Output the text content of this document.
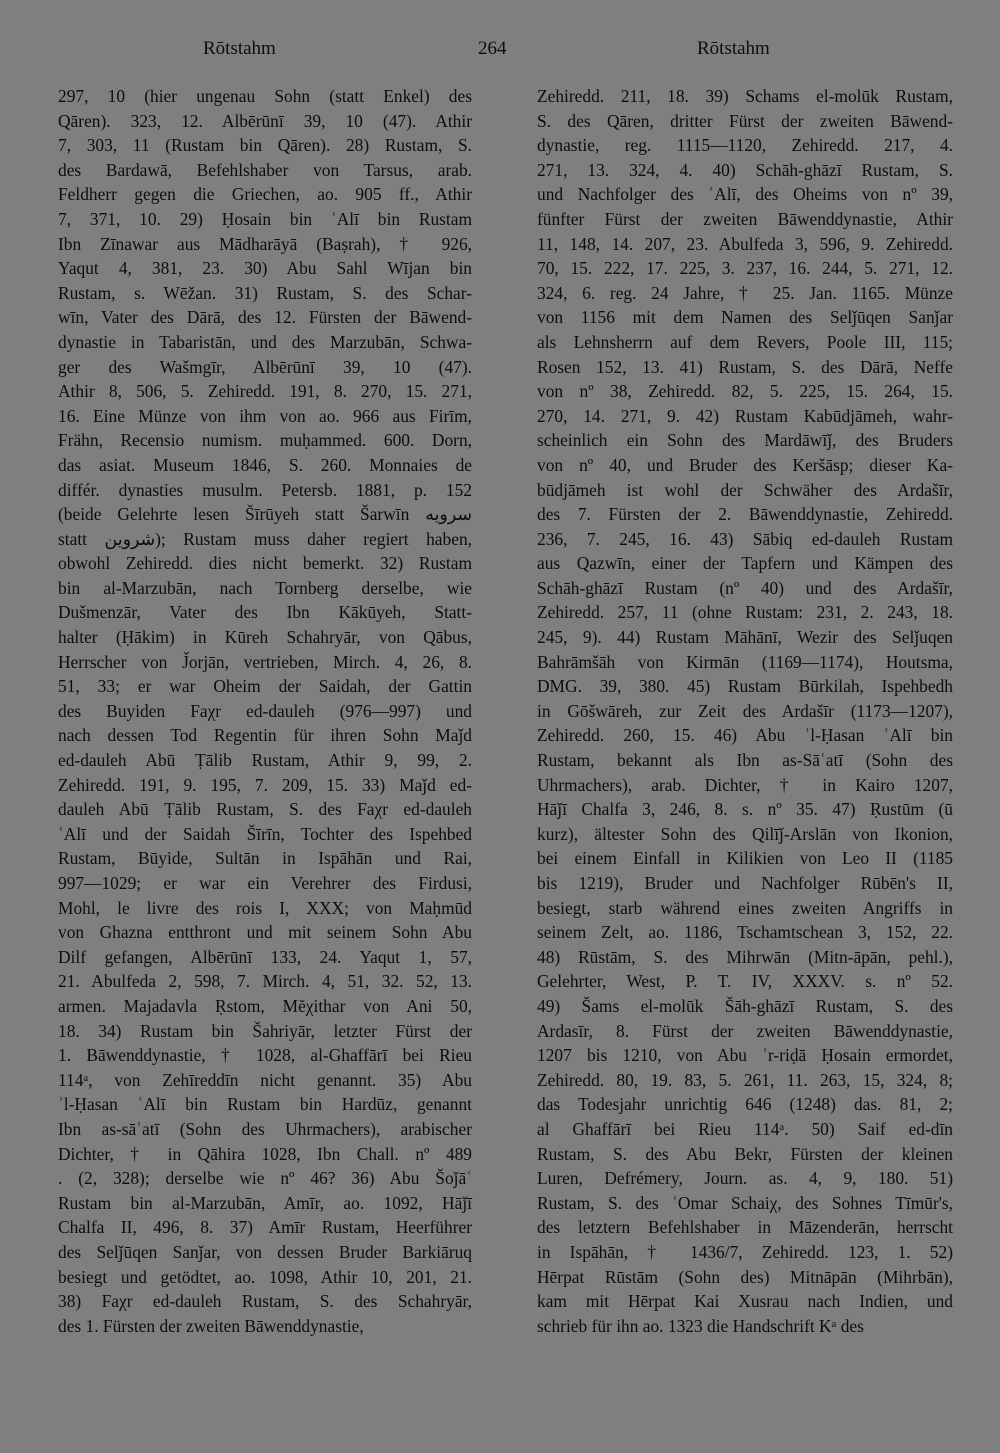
Rōtstahm	264	Rōtstahm
297, 10 (hier ungenau Sohn (statt Enkel) des
Qāren). 323, 12. Albērūnī 39, 10 (47). Athir
7, 303, 11 (Rustam bin Qāren). 28) Rustam, S.
des Bardawā, Befehlshaber von Tarsus, arab.
Feldherr gegen die Griechen, ao. 905 ff., Athir
7, 371, 10. 29) Ḥosain bin ʿAlī bin Rustam
Ibn Zīnawar aus Mādharāyā (Baṣrah), † 926,
Yaqut 4, 381, 23. 30) Abu Sahl Wījan bin
Rustam, s. Wēžan. 31) Rustam, S. des Schar-
wīn, Vater des Dārā, des 12. Fürsten der Bāwend-
dynastie in Tabaristān, und des Marzubān, Schwa-
ger des Wašmgīr, Albērūnī 39, 10 (47).
Athir 8, 506, 5. Zehiredd. 191, 8. 270, 15. 271,
16. Eine Münze von ihm von ao. 966 aus Firīm,
Frähn, Recensio numism. muḥammed. 600. Dorn,
das asiat. Museum 1846, S. 260. Monnaies de
différ. dynasties musulm. Petersb. 1881, p. 152
(beide Gelehrte lesen Šīrūyeh statt Šarwīn سرويه
statt شروين); Rustam muss daher regiert haben,
obwohl Zehiredd. dies nicht bemerkt. 32) Rustam
bin al-Marzubān, nach Tornberg derselbe, wie
Dušmenzār, Vater des Ibn Kākūyeh, Statt-
halter (Ḥākim) in Kūreh Schahryār, von Qābus,
Herrscher von J̌orjān, vertrieben, Mirch. 4, 26, 8.
51, 33; er war Oheim der Saidah, der Gattin
des Buyiden Faχr ed-dauleh (976—997) und
nach dessen Tod Regentin für ihren Sohn Maǰd
ed-dauleh Abū Ṭālib Rustam, Athir 9, 99, 2.
Zehiredd. 191, 9. 195, 7. 209, 15. 33) Maǰd ed-
dauleh Abū Ṭālib Rustam, S. des Faχr ed-dauleh
ʿAlī und der Saidah Šīrīn, Tochter des Ispehbed
Rustam, Būyide, Sultān in Ispāhān und Rai,
997—1029; er war ein Verehrer des Firdusi,
Mohl, le livre des rois I, XXX; von Maḥmūd
von Ghazna entthront und mit seinem Sohn Abu
Dilf gefangen, Albērūnī 133, 24. Yaqut 1, 57,
21. Abulfeda 2, 598, 7. Mirch. 4, 51, 32. 52, 13.
armen. Majadavla Ṛstom, Mĕχithar von Ani 50,
18. 34) Rustam bin Šahriyār, letzter Fürst der
1. Bāwenddynastie, † 1028, al-Ghaffārī bei Rieu
114ᵃ, von Zehīreddīn nicht genannt. 35) Abu
ʾl-Ḥasan ʿAlī bin Rustam bin Hardūz, genannt
Ibn as-sāʿatī (Sohn des Uhrmachers), arabischer
Dichter, † in Qāhira 1028, Ibn Chall. nº 489
. (2, 328); derselbe wie nº 46? 36) Abu Šoǰāʿ
Rustam bin al-Marzubān, Amīr, ao. 1092, Hāǰī
Chalfa II, 496, 8. 37) Amīr Rustam, Heerführer
des Selǰūqen Sanǰar, von dessen Bruder Barkiāruq
besiegt und getödtet, ao. 1098, Athir 10, 201, 21.
38) Faχr ed-dauleh Rustam, S. des Schahryār,
des 1. Fürsten der zweiten Bāwenddynastie,
Zehiredd. 211, 18. 39) Schams el-molūk Rustam,
S. des Qāren, dritter Fürst der zweiten Bāwend-
dynastie, reg. 1115—1120, Zehiredd. 217, 4.
271, 13. 324, 4. 40) Schāh-ghāzī Rustam, S.
und Nachfolger des ʿAlī, des Oheims von nº 39,
fünfter Fürst der zweiten Bāwenddynastie, Athir
11, 148, 14. 207, 23. Abulfeda 3, 596, 9. Zehiredd.
70, 15. 222, 17. 225, 3. 237, 16. 244, 5. 271, 12.
324, 6. reg. 24 Jahre, † 25. Jan. 1165. Münze
von 1156 mit dem Namen des Selǰūqen Sanǰar
als Lehnsherrn auf dem Revers, Poole III, 115;
Rosen 152, 13. 41) Rustam, S. des Dārā, Neffe
von nº 38, Zehiredd. 82, 5. 225, 15. 264, 15.
270, 14. 271, 9. 42) Rustam Kabūdjāmeh, wahr-
scheinlich ein Sohn des Mardāwīǰ, des Bruders
von nº 40, und Bruder des Keršāsp; dieser Ka-
būdjāmeh ist wohl der Schwäher des Ardašīr,
des 7. Fürsten der 2. Bāwenddynastie, Zehiredd.
236, 7. 245, 16. 43) Sābiq ed-dauleh Rustam
aus Qazwīn, einer der Tapfern und Kämpen des
Schāh-ghāzī Rustam (nº 40) und des Ardašīr,
Zehiredd. 257, 11 (ohne Rustam: 231, 2. 243, 18.
245, 9). 44) Rustam Māhānī, Wezir des Selǰuqen
Bahrāmšāh von Kirmān (1169—1174), Houtsma,
DMG. 39, 380. 45) Rustam Būrkilah, Ispehbedh
in Gōšwāreh, zur Zeit des Ardašīr (1173—1207),
Zehiredd. 260, 15. 46) Abu ʾl-Ḥasan ʿAlī bin
Rustam, bekannt als Ibn as-Sāʿatī (Sohn des
Uhrmachers), arab. Dichter, † in Kairo 1207,
Hāǰī Chalfa 3, 246, 8. s. nº 35. 47) Ṛustūm (ū
kurz), ältester Sohn des Qilīǰ-Arslān von Ikonion,
bei einem Einfall in Kilikien von Leo II (1185
bis 1219), Bruder und Nachfolger Rūbēn's II,
besiegt, starb während eines zweiten Angriffs in
seinem Zelt, ao. 1186, Tschamtschean 3, 152, 22.
48) Rūstām, S. des Mihrwān (Mitn-āpān, pehl.),
Gelehrter, West, P. T. IV, XXXV. s. nº 52.
49) Šams el-molūk Šāh-ghāzī Rustam, S. des
Ardasīr, 8. Fürst der zweiten Bāwenddynastie,
1207 bis 1210, von Abu ʾr-riḍā Ḥosain ermordet,
Zehiredd. 80, 19. 83, 5. 261, 11. 263, 15, 324, 8;
das Todesjahr unrichtig 646 (1248) das. 81, 2;
al Ghaffārī bei Rieu 114ᵃ. 50) Saif ed-dīn
Rustam, S. des Abu Bekr, Fürsten der kleinen
Luren, Defrémery, Journ. as. 4, 9, 180. 51)
Rustam, S. des ʿOmar Schaiχ, des Sohnes Tīmūr's,
des letztern Befehlshaber in Māzenderān, herrscht
in Ispāhān, † 1436/7, Zehiredd. 123, 1. 52)
Hērpat Rūstām (Sohn des) Mitnāpān (Mihrbān),
kam mit Hērpat Kai Xusrau nach Indien, und
schrieb für ihn ao. 1323 die Handschrift Kᵃ des
